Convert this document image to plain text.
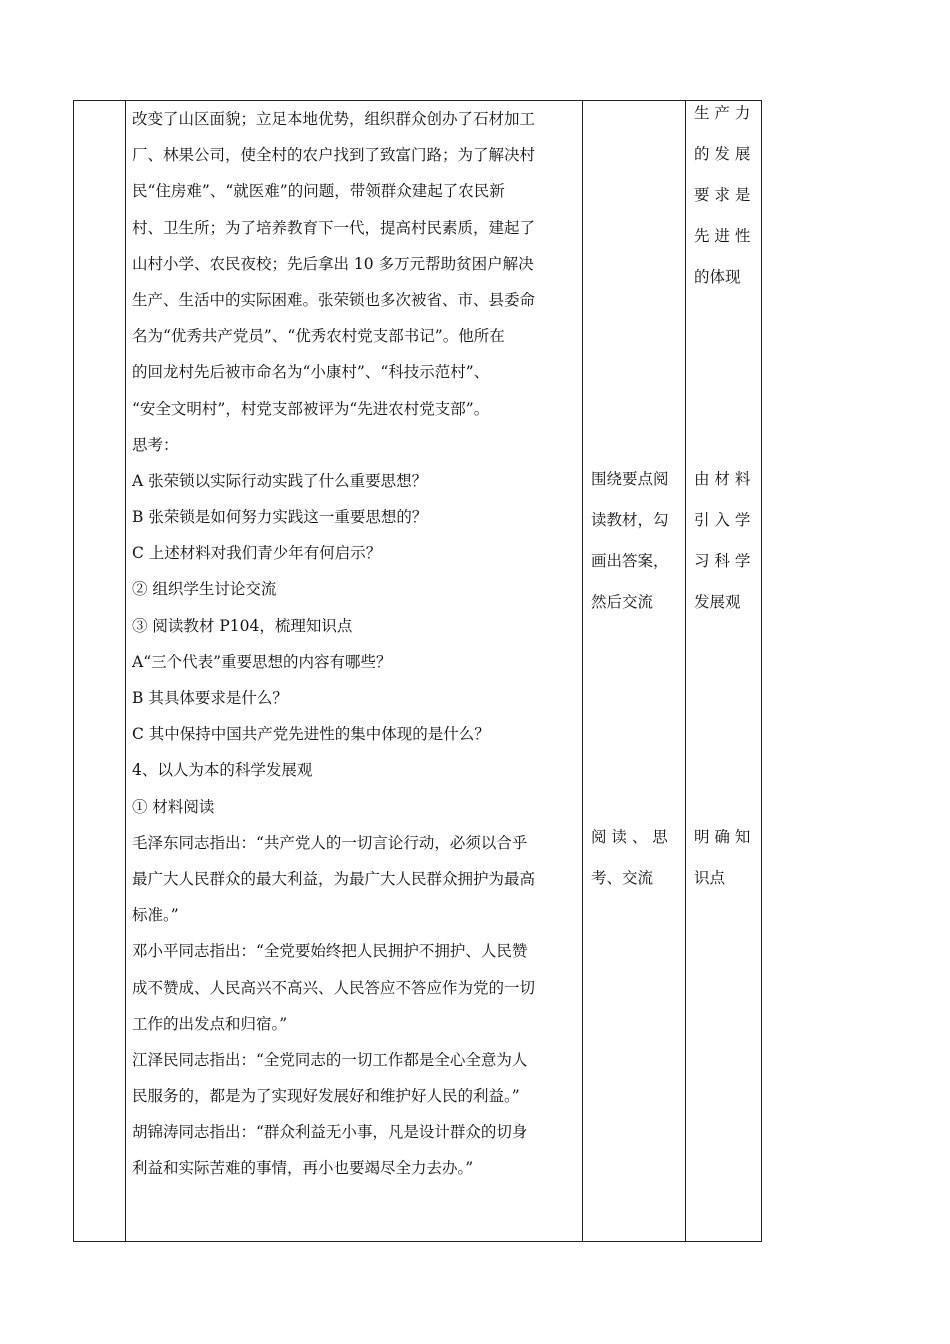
改变了山区面貌；立足本地优势，组织群众创办了石材加工
厂、林果公司，使全村的农户找到了致富门路；为了解决村
民“住房难”、“就医难”的问题，带领群众建起了农民新
村、卫生所；为了培养教育下一代，提高村民素质，建起了
山村小学、农民夜校；先后拿出 10 多万元帮助贫困户解决
生产、生活中的实际困难。张荣锁也多次被省、市、县委命
名为“优秀共产党员”、“优秀农村党支部书记”。他所在
的回龙村先后被市命名为“小康村”、“科技示范村”、
“安全文明村”，村党支部被评为“先进农村党支部”。
思考：
A 张荣锁以实际行动实践了什么重要思想？
B 张荣锁是如何努力实践这一重要思想的？
C 上述材料对我们青少年有何启示？
② 组织学生讨论交流
③ 阅读教材 P104，梳理知识点
A“三个代表”重要思想的内容有哪些？
B 其具体要求是什么？
C 其中保持中国共产党先进性的集中体现的是什么？
4、以人为本的科学发展观
① 材料阅读
毛泽东同志指出：“共产党人的一切言论行动，必须以合乎
最广大人民群众的最大利益，为最广大人民群众拥护为最高
标准。”
邓小平同志指出：“全党要始终把人民拥护不拥护、人民赞
成不赞成、人民高兴不高兴、人民答应不答应作为党的一切
工作的出发点和归宿。”
江泽民同志指出：“全党同志的一切工作都是全心全意为人
民服务的，都是为了实现好发展好和维护好人民的利益。”
胡锦涛同志指出：“群众利益无小事，凡是设计群众的切身
利益和实际苦难的事情，再小也要竭尽全力去办。”
围绕要点阅
读教材，勾
画出答案，
然后交流
阅 读 、 思
考、交流
生 产 力
的 发 展
要 求 是
先 进 性
的体现
由 材 料
引 入 学
习 科 学
发展观
明 确 知
识点
